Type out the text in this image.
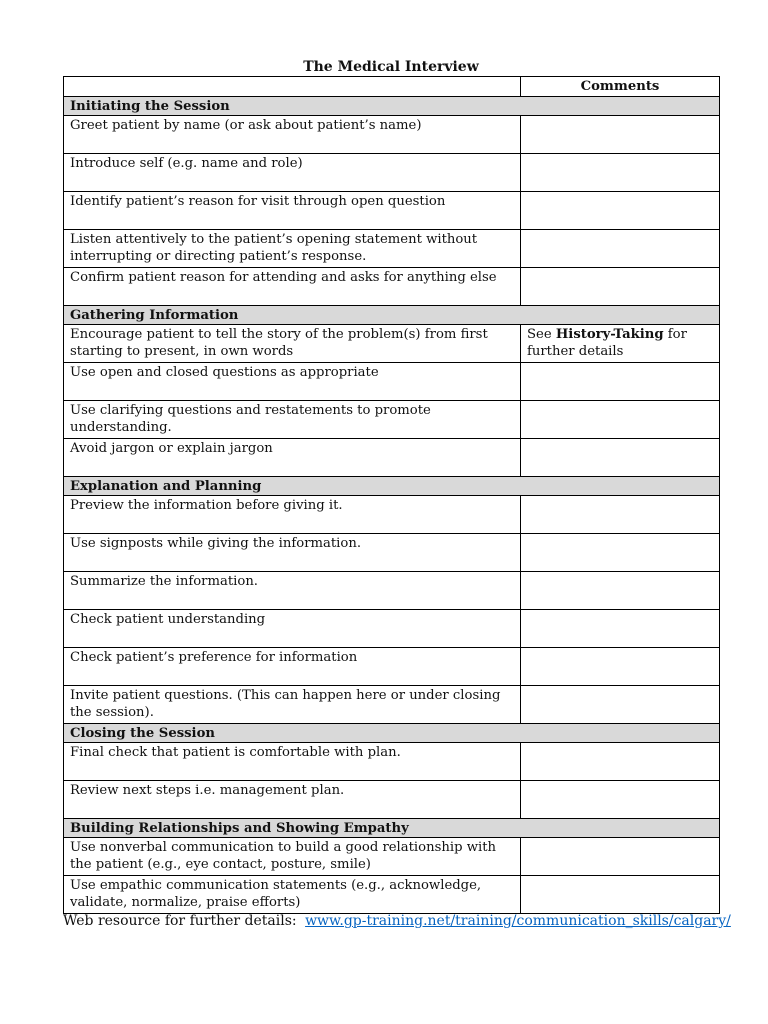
The Medical Interview
	Comments
Initiating the Session	
Greet patient by name (or ask about patient’s name)	
Introduce self (e.g. name and role)	
Identify patient’s reason for visit through open question	
Listen attentively to the patient’s opening statement without interrupting or directing patient’s response.	
Confirm patient reason for attending and asks for anything else	
Gathering Information	
Encourage patient to tell the story of the problem(s) from first starting to present, in own words	See History-Taking for further details
Use open and closed questions as appropriate	
Use clarifying questions and restatements to promote understanding.	
Avoid jargon or explain jargon	
Explanation and Planning	
Preview the information before giving it.	
Use signposts while giving the information.	
Summarize the information.	
Check patient understanding	
Check patient’s preference for information	
Invite patient questions. (This can happen here or under closing the session).	
Closing the Session	
Final check that patient is comfortable with plan.	
Review next steps i.e. management plan.	
Building Relationships and Showing Empathy	
Use nonverbal communication to build a good relationship with the patient (e.g., eye contact, posture, smile)	
Use empathic communication statements (e.g., acknowledge, validate, normalize, praise efforts)	
Web resource for further details: www.gp-training.net/training/communication_skills/calgary/
